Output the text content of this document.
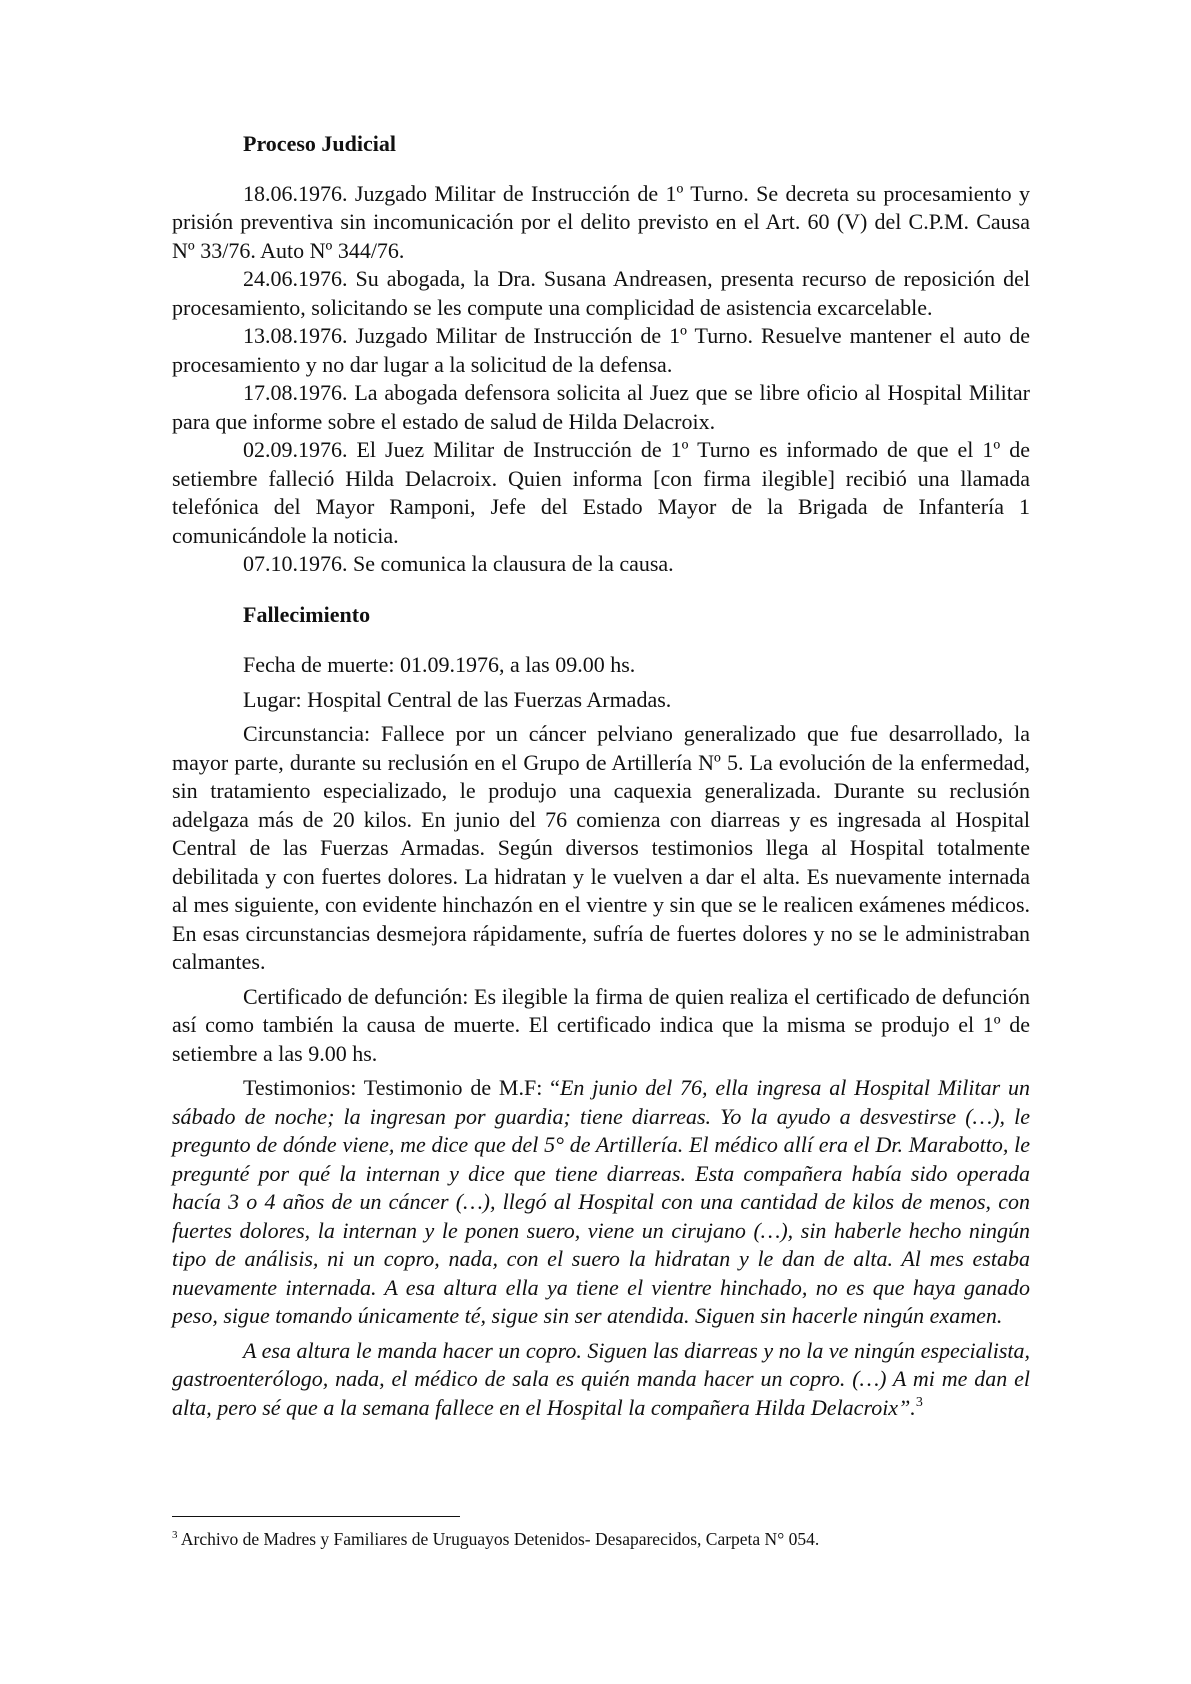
Proceso Judicial

18.06.1976. Juzgado Militar de Instrucción de 1º Turno. Se decreta su procesamiento y prisión preventiva sin incomunicación por el delito previsto en el Art. 60 (V) del C.P.M. Causa Nº 33/76. Auto Nº 344/76.

24.06.1976. Su abogada, la Dra. Susana Andreasen, presenta recurso de reposición del procesamiento, solicitando se les compute una complicidad de asistencia excarcelable.

13.08.1976. Juzgado Militar de Instrucción de 1º Turno. Resuelve mantener el auto de procesamiento y no dar lugar a la solicitud de la defensa.

17.08.1976. La abogada defensora solicita al Juez que se libre oficio al Hospital Militar para que informe sobre el estado de salud de Hilda Delacroix.

02.09.1976. El Juez Militar de Instrucción de 1º Turno es informado de que el 1º de setiembre falleció Hilda Delacroix. Quien informa [con firma ilegible] recibió una llamada telefónica del Mayor Ramponi, Jefe del Estado Mayor de la Brigada de Infantería 1 comunicándole la noticia.

07.10.1976. Se comunica la clausura de la causa.

Fallecimiento

Fecha de muerte: 01.09.1976, a las 09.00 hs.

Lugar: Hospital Central de las Fuerzas Armadas.

Circunstancia: Fallece por un cáncer pelviano generalizado que fue desarrollado, la mayor parte, durante su reclusión en el Grupo de Artillería Nº 5. La evolución de la enfermedad, sin tratamiento especializado, le produjo una caquexia generalizada. Durante su reclusión adelgaza más de 20 kilos. En junio del 76 comienza con diarreas y es ingresada al Hospital Central de las Fuerzas Armadas. Según diversos testimonios llega al Hospital totalmente debilitada y con fuertes dolores. La hidratan y le vuelven a dar el alta. Es nuevamente internada al mes siguiente, con evidente hinchazón en el vientre y sin que se le realicen exámenes médicos. En esas circunstancias desmejora rápidamente, sufría de fuertes dolores y no se le administraban calmantes.

Certificado de defunción: Es ilegible la firma de quien realiza el certificado de defunción así como también la causa de muerte. El certificado indica que la misma se produjo el 1º de setiembre a las 9.00 hs.

Testimonios: Testimonio de M.F: “En junio del 76, ella ingresa al Hospital Militar un sábado de noche; la ingresan por guardia; tiene diarreas. Yo la ayudo a desvestirse (…), le pregunto de dónde viene, me dice que del 5° de Artillería. El médico allí era el Dr. Marabotto, le pregunté por qué la internan y dice que tiene diarreas. Esta compañera había sido operada hacía 3 o 4 años de un cáncer (…), llegó al Hospital con una cantidad de kilos de menos, con fuertes dolores, la internan y le ponen suero, viene un cirujano (…), sin haberle hecho ningún tipo de análisis, ni un copro, nada, con el suero la hidratan y le dan de alta. Al mes estaba nuevamente internada. A esa altura ella ya tiene el vientre hinchado, no es que haya ganado peso, sigue tomando únicamente té, sigue sin ser atendida. Siguen sin hacerle ningún examen.

A esa altura le manda hacer un copro. Siguen las diarreas y no la ve ningún especialista, gastroenterólogo, nada, el médico de sala es quién manda hacer un copro. (…) A mi me dan el alta, pero sé que a la semana fallece en el Hospital la compañera Hilda Delacroix”.$^3$

$^3$ Archivo de Madres y Familiares de Uruguayos Detenidos- Desaparecidos, Carpeta N° 054.
